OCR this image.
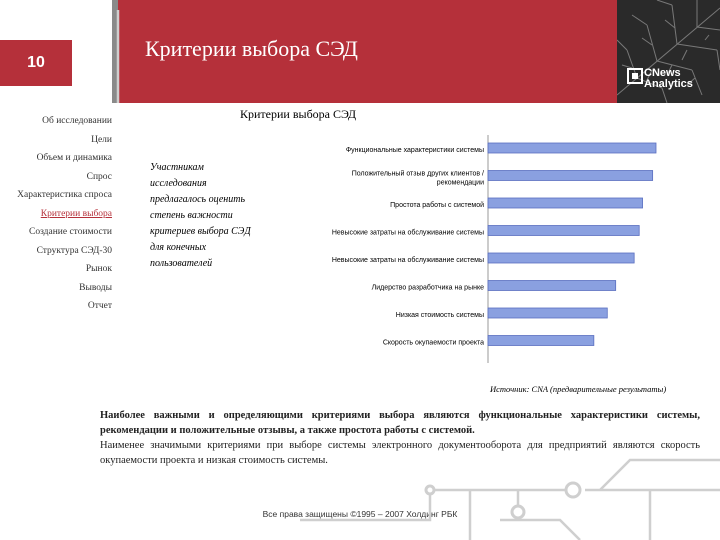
10
Критерии выбора СЭД
CNews
Analytics
Об исследовании
Цели
Объем и динамика
Спрос
Характеристика спроса
Критерии выбора
Создание стоимости
Структура СЭД-30
Рынок
Выводы
Отчет
Критерии выбора СЭД
Участникам
исследования
предлагалось оценить
степень важности
критериев выбора СЭД
для конечных
пользователей
Функциональные характеристики системы
Положительный отзыв других клиентов / рекомендации
Простота работы с системой
Невысокие затраты на обслуживание системы
Невысокие затраты на обслуживание системы
Лидерство разработчика на рынке
Низкая стоимость системы
Скорость окупаемости проекта
Источник: CNA (предварительные результаты)

Наиболее важными и определяющими критериями выбора являются функциональные характеристики системы, рекомендации и положительные отзывы, а также простота работы с системой.

Наименее значимыми критериями при выборе системы электронного документооборота для предприятий являются скорость окупаемости проекта и низкая стоимость системы.

Все права защищены ©1995 – 2007 Холдинг РБК
